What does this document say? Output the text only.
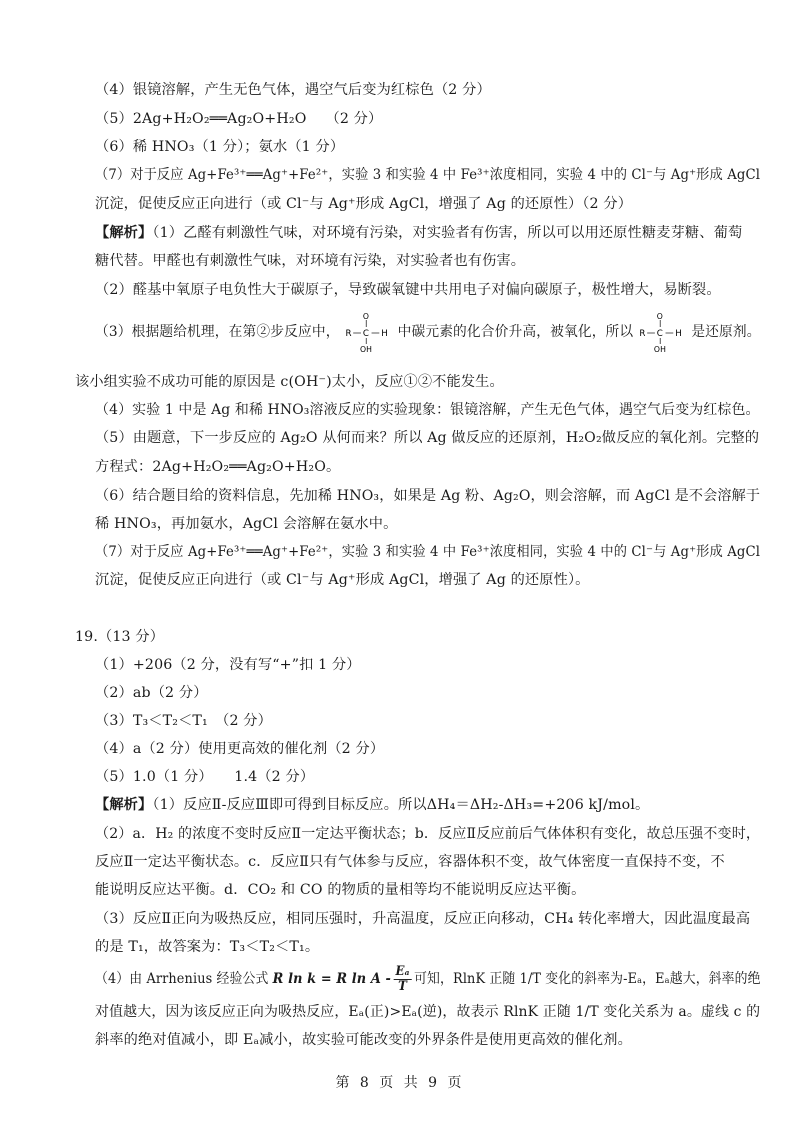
（4）银镜溶解，产生无色气体，遇空气后变为红棕色（2 分）
（5）2Ag+H₂O₂══Ag₂O+H₂O　 （2 分）
（6）稀 HNO₃（1 分）；氨水（1 分）
（7）对于反应 Ag+Fe³⁺══Ag⁺+Fe²⁺，实验 3 和实验 4 中 Fe³⁺浓度相同，实验 4 中的 Cl⁻与 Ag⁺形成 AgCl
沉淀，促使反应正向进行（或 Cl⁻与 Ag⁺形成 AgCl，增强了 Ag 的还原性）（2 分）
【解析】（1）乙醛有刺激性气味，对环境有污染，对实验者有伤害，所以可以用还原性糖麦芽糖、葡萄
糖代替。甲醛也有刺激性气味，对环境有污染，对实验者也有伤害。
（2）醛基中氧原子电负性大于碳原子，导致碳氧键中共用电子对偏向碳原子，极性增大，易断裂。
（3）根据题给机理，在第②步反应中， R C H
O
OH
中碳元素的化合价升高，被氧化，所以 R C H
O
OH
是还原剂。
该小组实验不成功可能的原因是 c(OH⁻)太小，反应①②不能发生。
（4）实验 1 中是 Ag 和稀 HNO₃溶液反应的实验现象：银镜溶解，产生无色气体，遇空气后变为红棕色。
（5）由题意，下一步反应的 Ag₂O 从何而来？所以 Ag 做反应的还原剂，H₂O₂做反应的氧化剂。完整的
方程式：2Ag+H₂O₂══Ag₂O+H₂O。
（6）结合题目给的资料信息，先加稀 HNO₃，如果是 Ag 粉、Ag₂O，则会溶解，而 AgCl 是不会溶解于
稀 HNO₃，再加氨水，AgCl 会溶解在氨水中。
（7）对于反应 Ag+Fe³⁺══Ag⁺+Fe²⁺，实验 3 和实验 4 中 Fe³⁺浓度相同，实验 4 中的 Cl⁻与 Ag⁺形成 AgCl
沉淀，促使反应正向进行（或 Cl⁻与 Ag⁺形成 AgCl，增强了 Ag 的还原性）。
19.（13 分）
（1）+206（2 分，没有写“+”扣 1 分）
（2）ab（2 分）
（3）T₃＜T₂＜T₁　（2 分）
（4）a（2 分）使用更高效的催化剂（2 分）
（5）1.0（1 分）　　1.4（2 分）
【解析】（1）反应Ⅱ-反应Ⅲ即可得到目标反应。所以ΔH₄＝ΔH₂-ΔH₃=+206 kJ/mol。
（2）a．H₂ 的浓度不变时反应Ⅱ一定达平衡状态；b．反应Ⅱ反应前后气体体积有变化，故总压强不变时，
反应Ⅱ一定达平衡状态。c．反应Ⅱ只有气体参与反应，容器体积不变，故气体密度一直保持不变，不
能说明反应达平衡。d．CO₂ 和 CO 的物质的量相等均不能说明反应达平衡。
（3）反应Ⅱ正向为吸热反应，相同压强时，升高温度，反应正向移动，CH₄ 转化率增大，因此温度最高
的是 T₁，故答案为：T₃＜T₂＜T₁。
（4）由 Arrhenius 经验公式 R ln k = R ln A - $\frac{\text{Eₐ}}{T}$ 可知，RlnK 正随 1/T 变化的斜率为-Eₐ，Eₐ越大，斜率的绝
对值越大，因为该反应正向为吸热反应，Eₐ(正)>Eₐ(逆)，故表示 RlnK 正随 1/T 变化关系为 a。虚线 c 的
斜率的绝对值减小，即 Eₐ减小，故实验可能改变的外界条件是使用更高效的催化剂。
第 8 页 共 9 页
